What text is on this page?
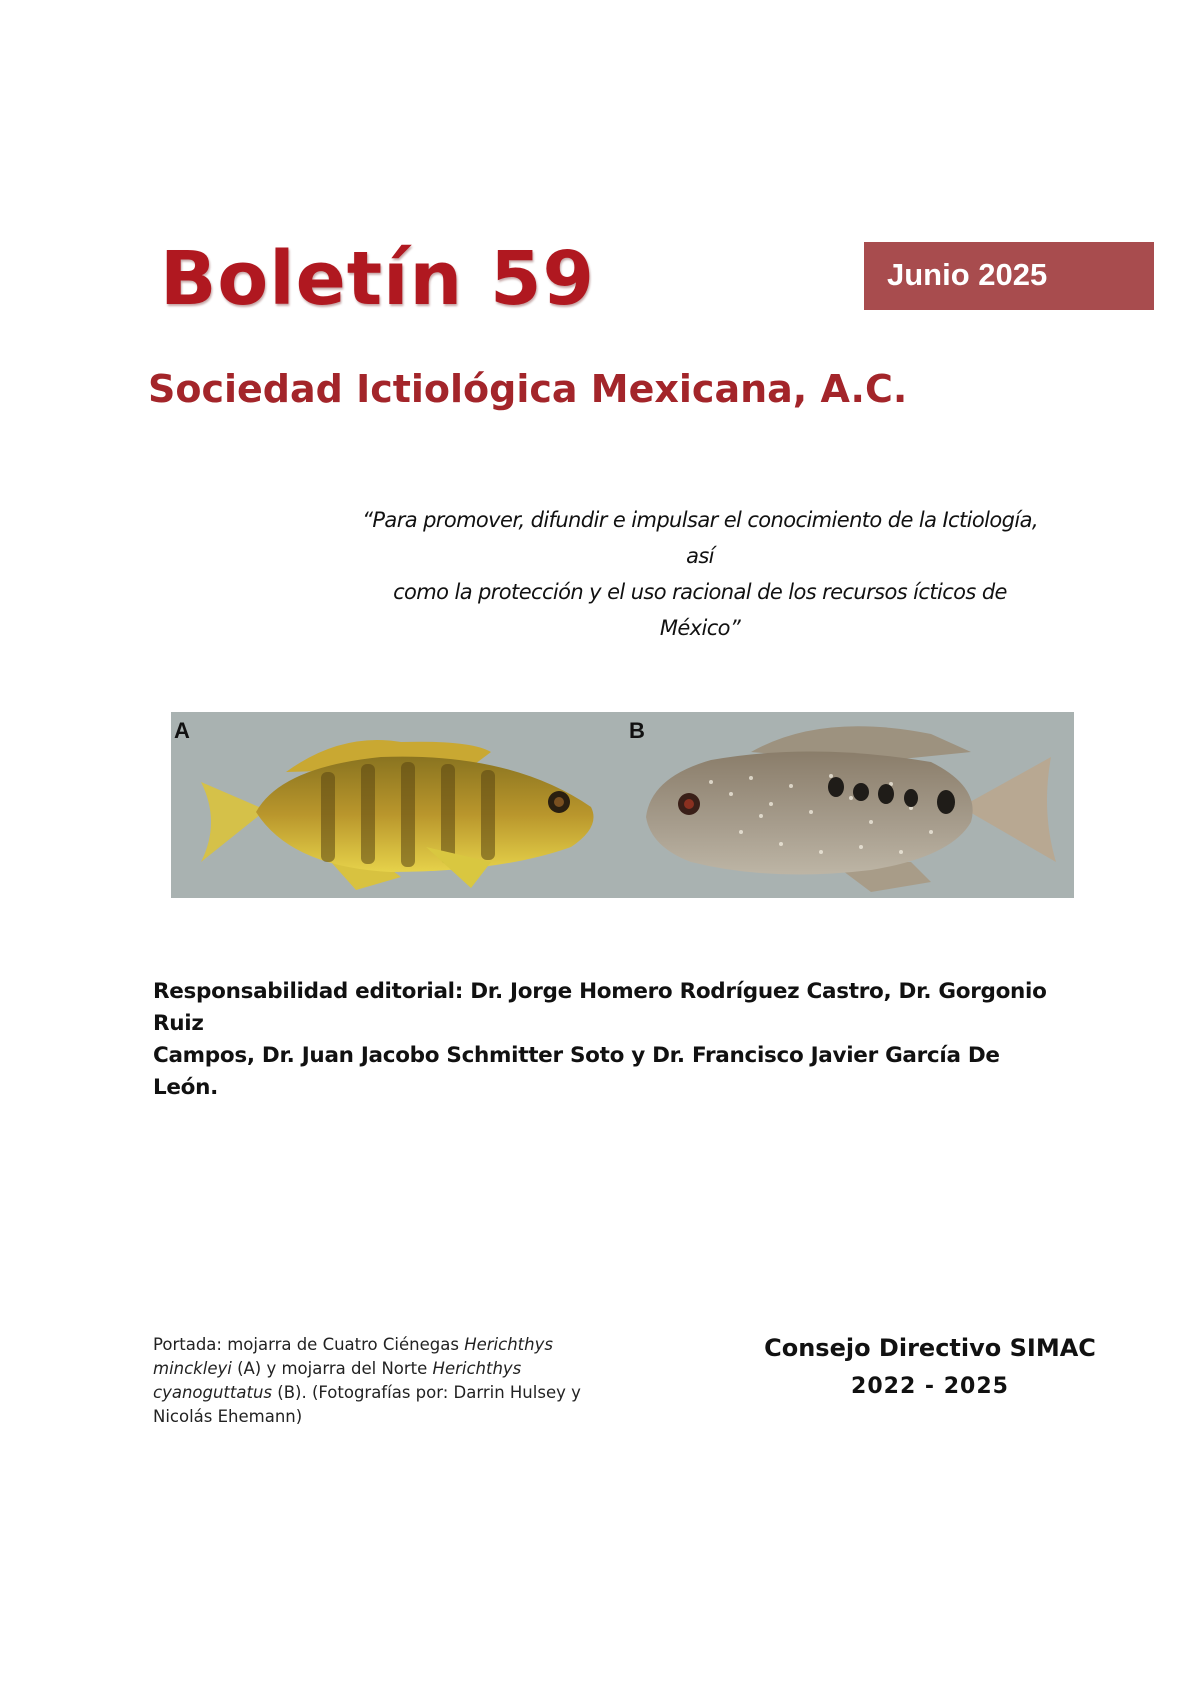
Boletín 59	Junio 2025
Sociedad Ictiológica Mexicana, A.C.
“Para promover, difundir e impulsar el conocimiento de la Ictiología, así
como la protección y el uso racional de los recursos ícticos de México”
A	B

Responsabilidad editorial: Dr. Jorge Homero Rodríguez Castro, Dr. Gorgonio Ruiz
Campos, Dr. Juan Jacobo Schmitter Soto y Dr. Francisco Javier García De León.

Portada: mojarra de Cuatro Ciénegas Herichthys minckleyi (A) y mojarra del Norte Herichthys cyanoguttatus (B). (Fotografías por: Darrin Hulsey y Nicolás Ehemann)

Consejo Directivo SIMAC
2022 - 2025
